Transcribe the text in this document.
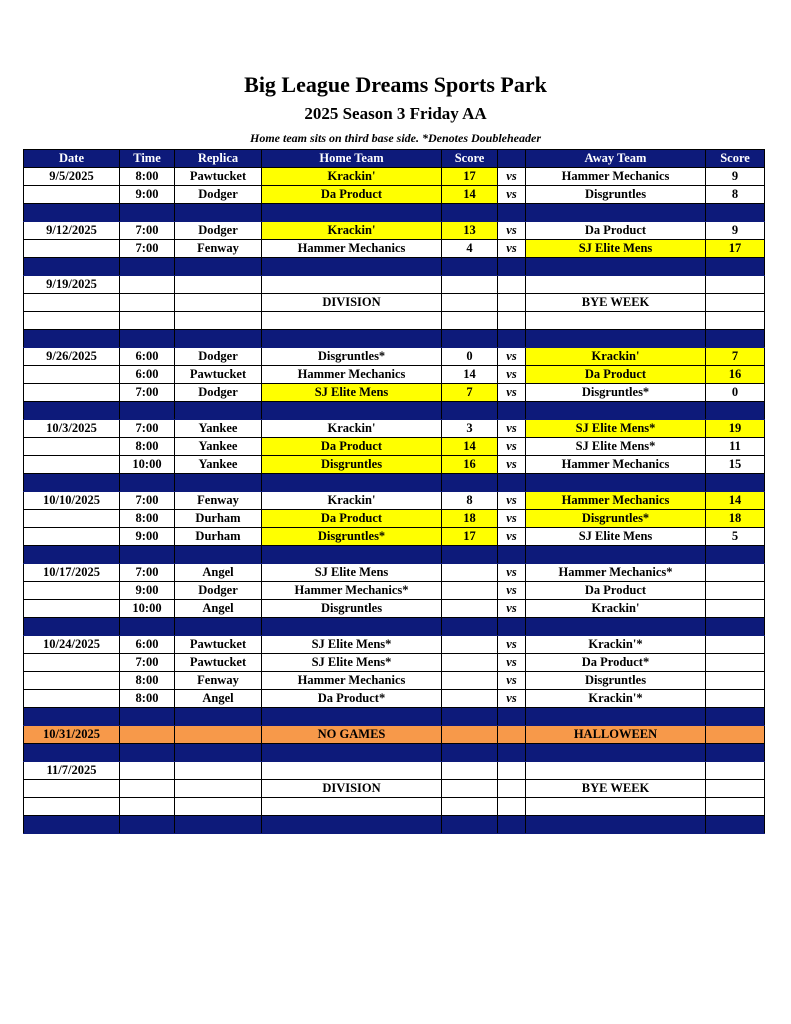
Big League Dreams Sports Park
2025 Season 3 Friday AA
Home team sits on third base side. *Denotes Doubleheader
Date	Time	Replica	Home Team	Score		Away Team	Score
9/5/2025	8:00	Pawtucket	Krackin'	17	vs	Hammer Mechanics	9
	9:00	Dodger	Da Product	14	vs	Disgruntles	8

9/12/2025	7:00	Dodger	Krackin'	13	vs	Da Product	9
	7:00	Fenway	Hammer Mechanics	4	vs	SJ Elite Mens	17

9/19/2025							
			DIVISION			BYE WEEK	

9/26/2025	6:00	Dodger	Disgruntles*	0	vs	Krackin'	7
	6:00	Pawtucket	Hammer Mechanics	14	vs	Da Product	16
	7:00	Dodger	SJ Elite Mens	7	vs	Disgruntles*	0

10/3/2025	7:00	Yankee	Krackin'	3	vs	SJ Elite Mens*	19
	8:00	Yankee	Da Product	14	vs	SJ Elite Mens*	11
	10:00	Yankee	Disgruntles	16	vs	Hammer Mechanics	15

10/10/2025	7:00	Fenway	Krackin'	8	vs	Hammer Mechanics	14
	8:00	Durham	Da Product	18	vs	Disgruntles*	18
	9:00	Durham	Disgruntles*	17	vs	SJ Elite Mens	5

10/17/2025	7:00	Angel	SJ Elite Mens		vs	Hammer Mechanics*	
	9:00	Dodger	Hammer Mechanics*		vs	Da Product	
	10:00	Angel	Disgruntles		vs	Krackin'	

10/24/2025	6:00	Pawtucket	SJ Elite Mens*		vs	Krackin'*	
	7:00	Pawtucket	SJ Elite Mens*		vs	Da Product*	
	8:00	Fenway	Hammer Mechanics		vs	Disgruntles	
	8:00	Angel	Da Product*		vs	Krackin'*	

10/31/2025			NO GAMES			HALLOWEEN	

11/7/2025							
			DIVISION			BYE WEEK	
